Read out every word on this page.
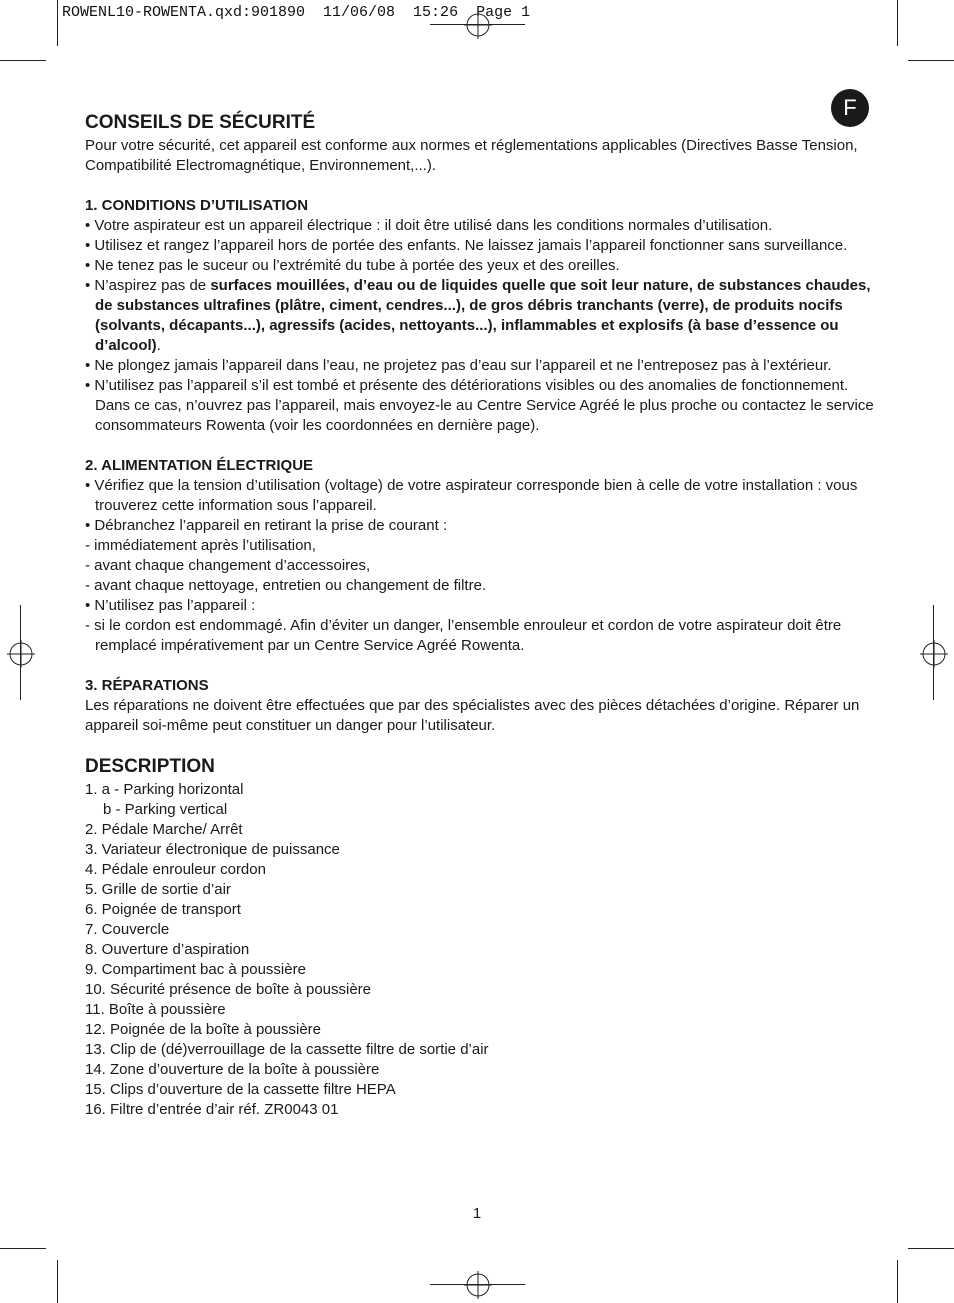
ROWENL10-ROWENTA.qxd:901890  11/06/08  15:26  Page 1
F
CONSEILS DE SÉCURITÉ

Pour votre sécurité, cet appareil est conforme aux normes et réglementations applicables (Directives Basse Tension, Compatibilité Electromagnétique, Environnement,...).

1. CONDITIONS D’UTILISATION

• Votre aspirateur est un appareil électrique : il doit être utilisé dans les conditions normales d’utilisation.

• Utilisez et rangez l’appareil hors de portée des enfants. Ne laissez jamais l’appareil fonctionner sans surveillance.

• Ne tenez pas le suceur ou l’extrémité du tube à portée des yeux et des oreilles.

• N’aspirez pas de surfaces mouillées, d’eau ou de liquides quelle que soit leur nature, de substances chaudes, de substances ultrafines (plâtre, ciment, cendres...), de gros débris tranchants (verre), de produits nocifs (solvants, décapants...), agressifs (acides, nettoyants...), inflammables et explosifs (à base d’essence ou d’alcool).

• Ne plongez jamais l’appareil dans l’eau, ne projetez pas d’eau sur l’appareil et ne l’entreposez pas à l’extérieur.

• N’utilisez pas l’appareil s’il est tombé et présente des détériorations visibles ou des anomalies de fonctionnement. Dans ce cas, n’ouvrez pas l’appareil, mais envoyez-le au Centre Service Agréé le plus proche ou contactez le service consommateurs Rowenta (voir les coordonnées en dernière page).

2. ALIMENTATION ÉLECTRIQUE

• Vérifiez que la tension d’utilisation (voltage) de votre aspirateur corresponde bien à celle de votre installation : vous trouverez cette information sous l’appareil.

• Débranchez l’appareil en retirant la prise de courant :

- immédiatement après l’utilisation,

- avant chaque changement d’accessoires,

- avant chaque nettoyage, entretien ou changement de filtre.

• N’utilisez pas l’appareil :

- si le cordon est endommagé. Afin d’éviter un danger, l’ensemble enrouleur et cordon de votre aspirateur doit être remplacé impérativement par un Centre Service Agréé Rowenta.

3. RÉPARATIONS

Les réparations ne doivent être effectuées que par des spécialistes avec des pièces détachées d’origine. Réparer un appareil soi-même peut constituer un danger pour l’utilisateur.

DESCRIPTION

1. a - Parking horizontal

b - Parking vertical

2. Pédale Marche/ Arrêt

3. Variateur électronique de puissance

4. Pédale enrouleur cordon

5. Grille de sortie d’air

6. Poignée de transport

7. Couvercle

8. Ouverture d’aspiration

9. Compartiment bac à poussière

10. Sécurité présence de boîte à poussière

11. Boîte à poussière

12. Poignée de la boîte à poussière

13. Clip de (dé)verrouillage de la cassette filtre de sortie d’air

14. Zone d’ouverture de la boîte à poussière

15. Clips d’ouverture de la cassette filtre HEPA

16. Filtre d’entrée d’air réf. ZR0043 01

1
